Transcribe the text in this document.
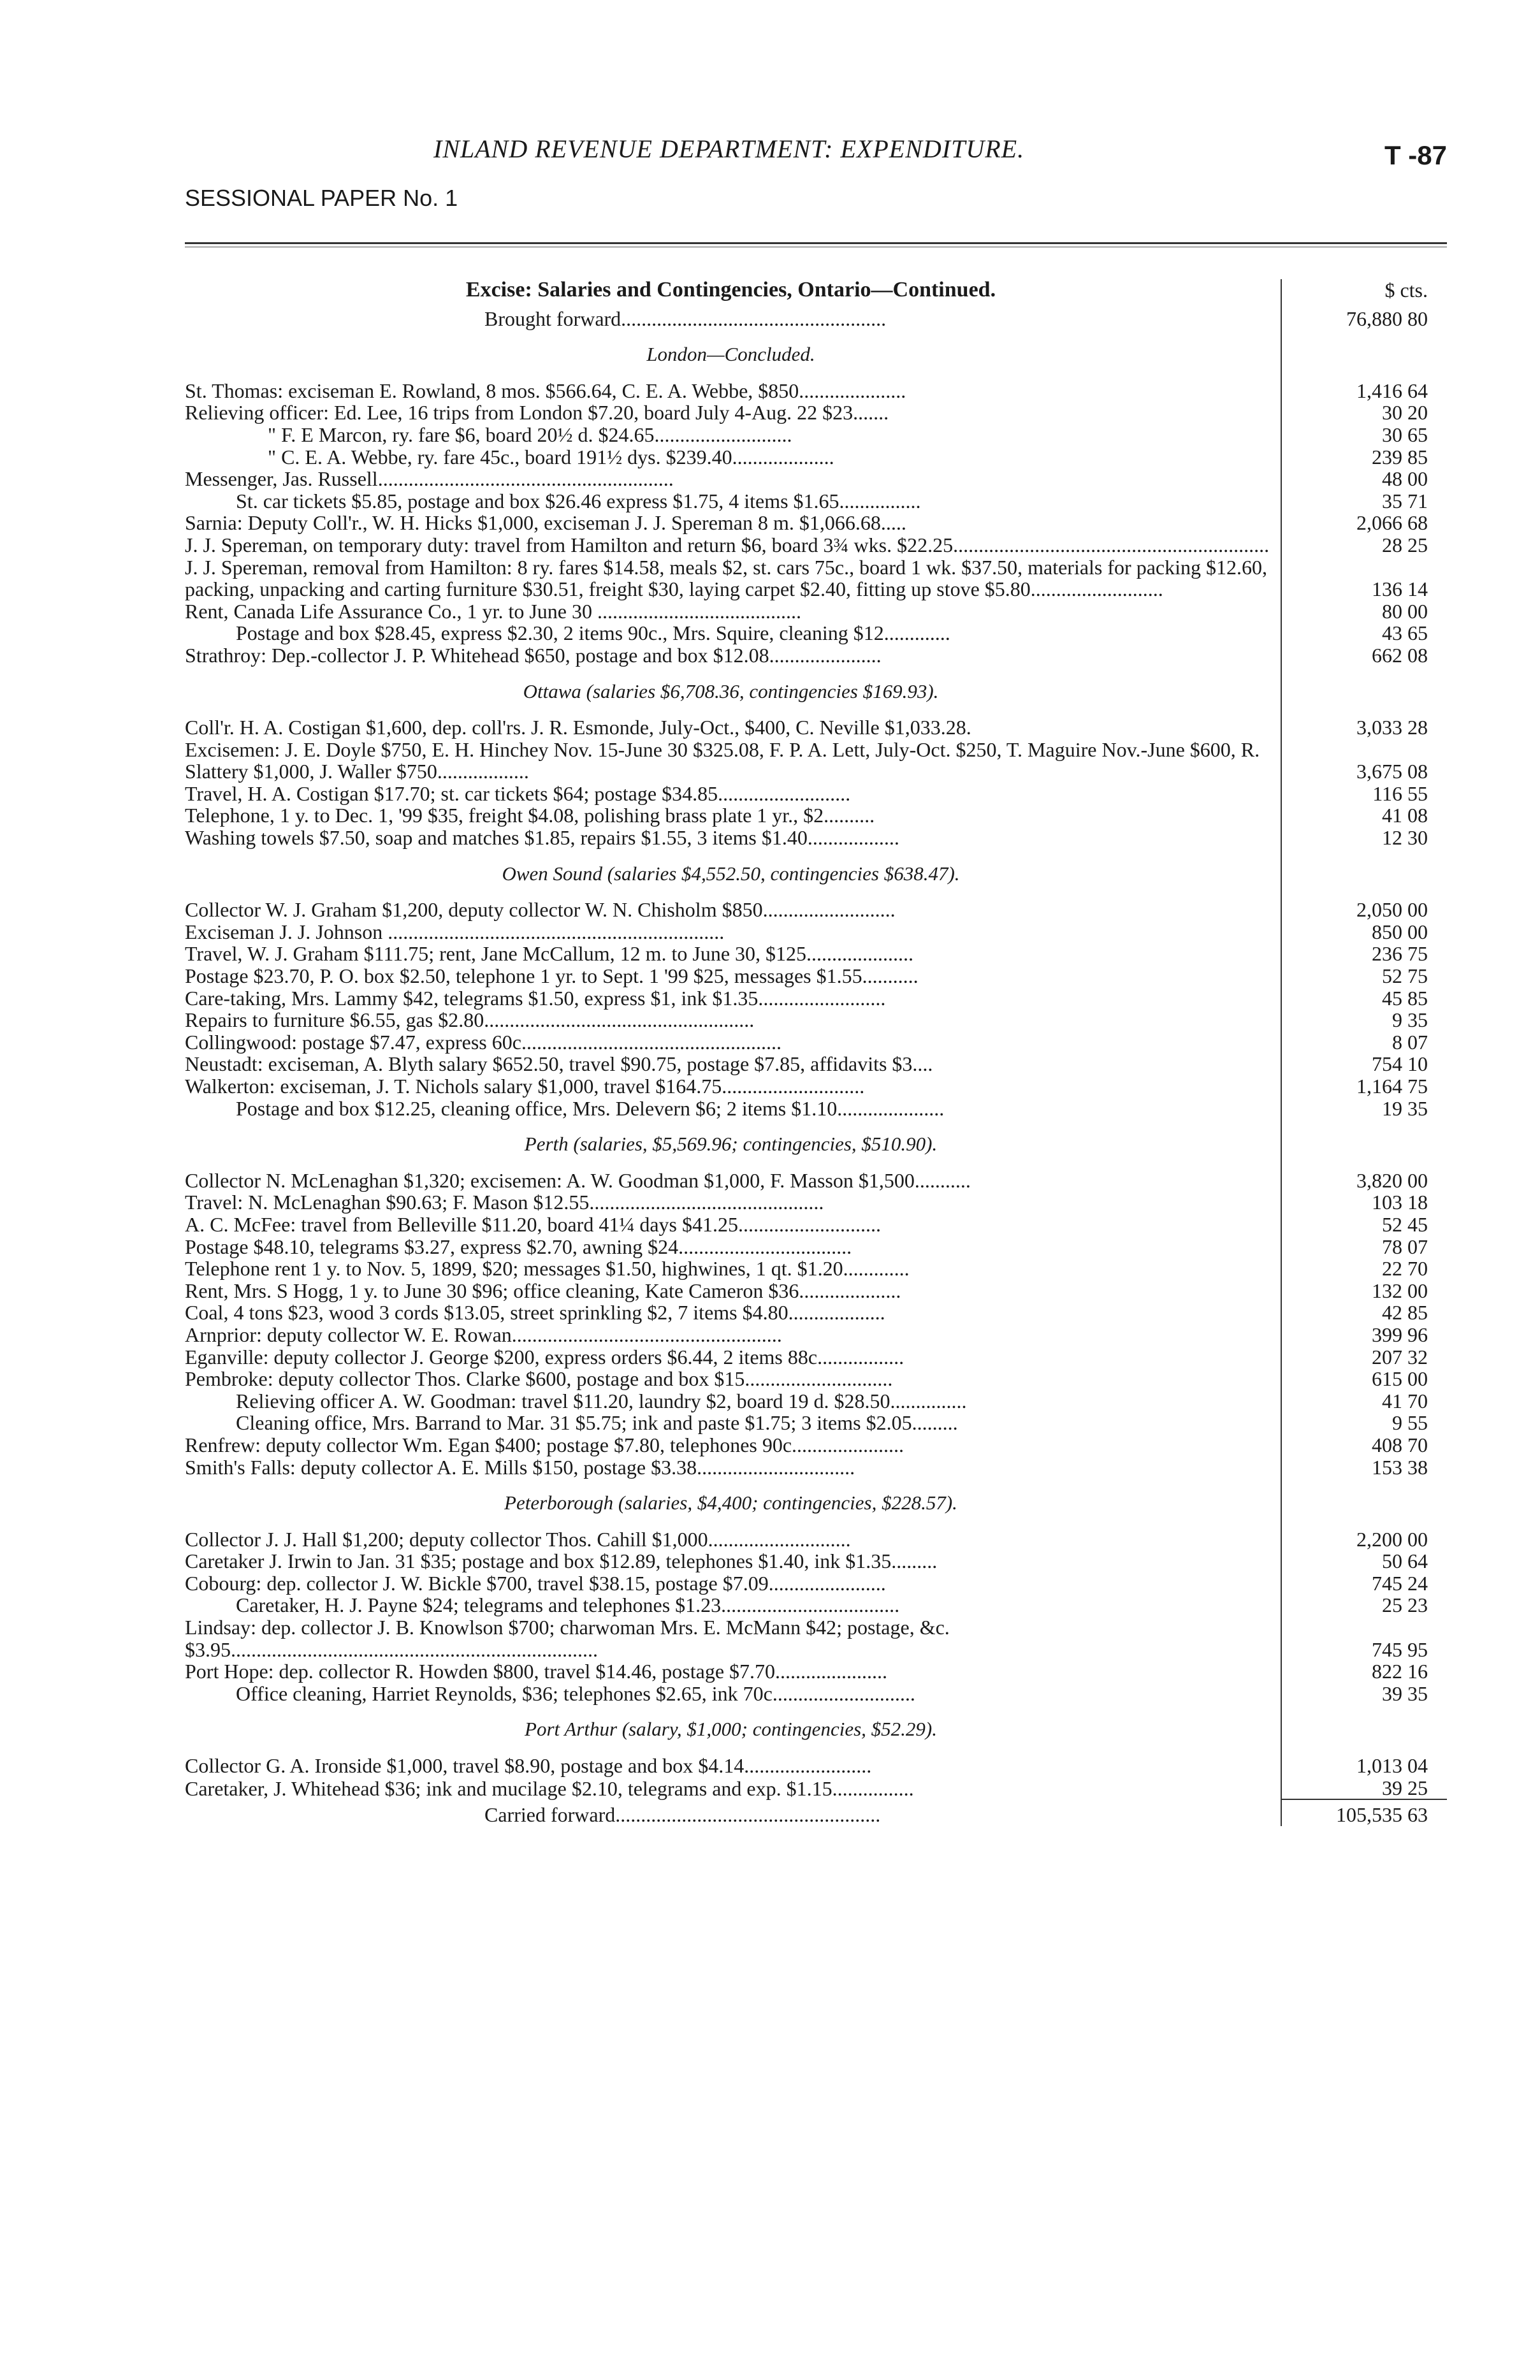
INLAND REVENUE DEPARTMENT: EXPENDITURE.	T -87
SESSIONAL PAPER No. 1
Excise: Salaries and Contingencies, Ontario—Continued.	$ cts.
Brought forward....................................................	76,880 80
London—Concluded.	
St. Thomas: exciseman E. Rowland, 8 mos. $566.64, C. E. A. Webbe, $850.....................	1,416 64
Relieving officer: Ed. Lee, 16 trips from London $7.20, board July 4-Aug. 22 $23.......	30 20
" F. E Marcon, ry. fare $6, board 20½ d. $24.65...........................	30 65
" C. E. A. Webbe, ry. fare 45c., board 191½ dys. $239.40....................	239 85
Messenger, Jas. Russell..........................................................	48 00
St. car tickets $5.85, postage and box $26.46 express $1.75, 4 items $1.65................	35 71
Sarnia: Deputy Coll'r., W. H. Hicks $1,000, exciseman J. J. Spereman 8 m. $1,066.68.....	2,066 68
J. J. Spereman, on temporary duty: travel from Hamilton and return $6, board 3¾ wks. $22.25..............................................................	28 25
J. J. Spereman, removal from Hamilton: 8 ry. fares $14.58, meals $2, st. cars 75c., board 1 wk. $37.50, materials for packing $12.60, packing, unpacking and carting furniture $30.51, freight $30, laying carpet $2.40, fitting up stove $5.80..........................	136 14
Rent, Canada Life Assurance Co., 1 yr. to June 30 ........................................	80 00
Postage and box $28.45, express $2.30, 2 items 90c., Mrs. Squire, cleaning $12.............	43 65
Strathroy: Dep.-collector J. P. Whitehead $650, postage and box $12.08......................	662 08
Ottawa (salaries $6,708.36, contingencies $169.93).	
Coll'r. H. A. Costigan $1,600, dep. coll'rs. J. R. Esmonde, July-Oct., $400, C. Neville $1,033.28.	3,033 28
Excisemen: J. E. Doyle $750, E. H. Hinchey Nov. 15-June 30 $325.08, F. P. A. Lett, July-Oct. $250, T. Maguire Nov.-June $600, R. Slattery $1,000, J. Waller $750..................	3,675 08
Travel, H. A. Costigan $17.70; st. car tickets $64; postage $34.85..........................	116 55
Telephone, 1 y. to Dec. 1, '99 $35, freight $4.08, polishing brass plate 1 yr., $2..........	41 08
Washing towels $7.50, soap and matches $1.85, repairs $1.55, 3 items $1.40..................	12 30
Owen Sound (salaries $4,552.50, contingencies $638.47).	
Collector W. J. Graham $1,200, deputy collector W. N. Chisholm $850..........................	2,050 00
Exciseman J. J. Johnson ..................................................................	850 00
Travel, W. J. Graham $111.75; rent, Jane McCallum, 12 m. to June 30, $125.....................	236 75
Postage $23.70, P. O. box $2.50, telephone 1 yr. to Sept. 1 '99 $25, messages $1.55...........	52 75
Care-taking, Mrs. Lammy $42, telegrams $1.50, express $1, ink $1.35.........................	45 85
Repairs to furniture $6.55, gas $2.80.....................................................	9 35
Collingwood: postage $7.47, express 60c...................................................	8 07
Neustadt: exciseman, A. Blyth salary $652.50, travel $90.75, postage $7.85, affidavits $3....	754 10
Walkerton: exciseman, J. T. Nichols salary $1,000, travel $164.75............................	1,164 75
Postage and box $12.25, cleaning office, Mrs. Delevern $6; 2 items $1.10.....................	19 35
Perth (salaries, $5,569.96; contingencies, $510.90).	
Collector N. McLenaghan $1,320; excisemen: A. W. Goodman $1,000, F. Masson $1,500...........	3,820 00
Travel: N. McLenaghan $90.63; F. Mason $12.55..............................................	103 18
A. C. McFee: travel from Belleville $11.20, board 41¼ days $41.25............................	52 45
Postage $48.10, telegrams $3.27, express $2.70, awning $24..................................	78 07
Telephone rent 1 y. to Nov. 5, 1899, $20; messages $1.50, highwines, 1 qt. $1.20.............	22 70
Rent, Mrs. S Hogg, 1 y. to June 30 $96; office cleaning, Kate Cameron $36....................	132 00
Coal, 4 tons $23, wood 3 cords $13.05, street sprinkling $2, 7 items $4.80...................	42 85
Arnprior: deputy collector W. E. Rowan.....................................................	399 96
Eganville: deputy collector J. George $200, express orders $6.44, 2 items 88c.................	207 32
Pembroke: deputy collector Thos. Clarke $600, postage and box $15.............................	615 00
Relieving officer A. W. Goodman: travel $11.20, laundry $2, board 19 d. $28.50...............	41 70
Cleaning office, Mrs. Barrand to Mar. 31 $5.75; ink and paste $1.75; 3 items $2.05.........	9 55
Renfrew: deputy collector Wm. Egan $400; postage $7.80, telephones 90c......................	408 70
Smith's Falls: deputy collector A. E. Mills $150, postage $3.38...............................	153 38
Peterborough (salaries, $4,400; contingencies, $228.57).	
Collector J. J. Hall $1,200; deputy collector Thos. Cahill $1,000............................	2,200 00
Caretaker J. Irwin to Jan. 31 $35; postage and box $12.89, telephones $1.40, ink $1.35.........	50 64
Cobourg: dep. collector J. W. Bickle $700, travel $38.15, postage $7.09.......................	745 24
Caretaker, H. J. Payne $24; telegrams and telephones $1.23...................................	25 23
Lindsay: dep. collector J. B. Knowlson $700; charwoman Mrs. E. McMann $42; postage, &c. $3.95........................................................................	745 95
Port Hope: dep. collector R. Howden $800, travel $14.46, postage $7.70......................	822 16
Office cleaning, Harriet Reynolds, $36; telephones $2.65, ink 70c............................	39 35
Port Arthur (salary, $1,000; contingencies, $52.29).	
Collector G. A. Ironside $1,000, travel $8.90, postage and box $4.14.........................	1,013 04
Caretaker, J. Whitehead $36; ink and mucilage $2.10, telegrams and exp. $1.15................	39 25
Carried forward....................................................	105,535 63
